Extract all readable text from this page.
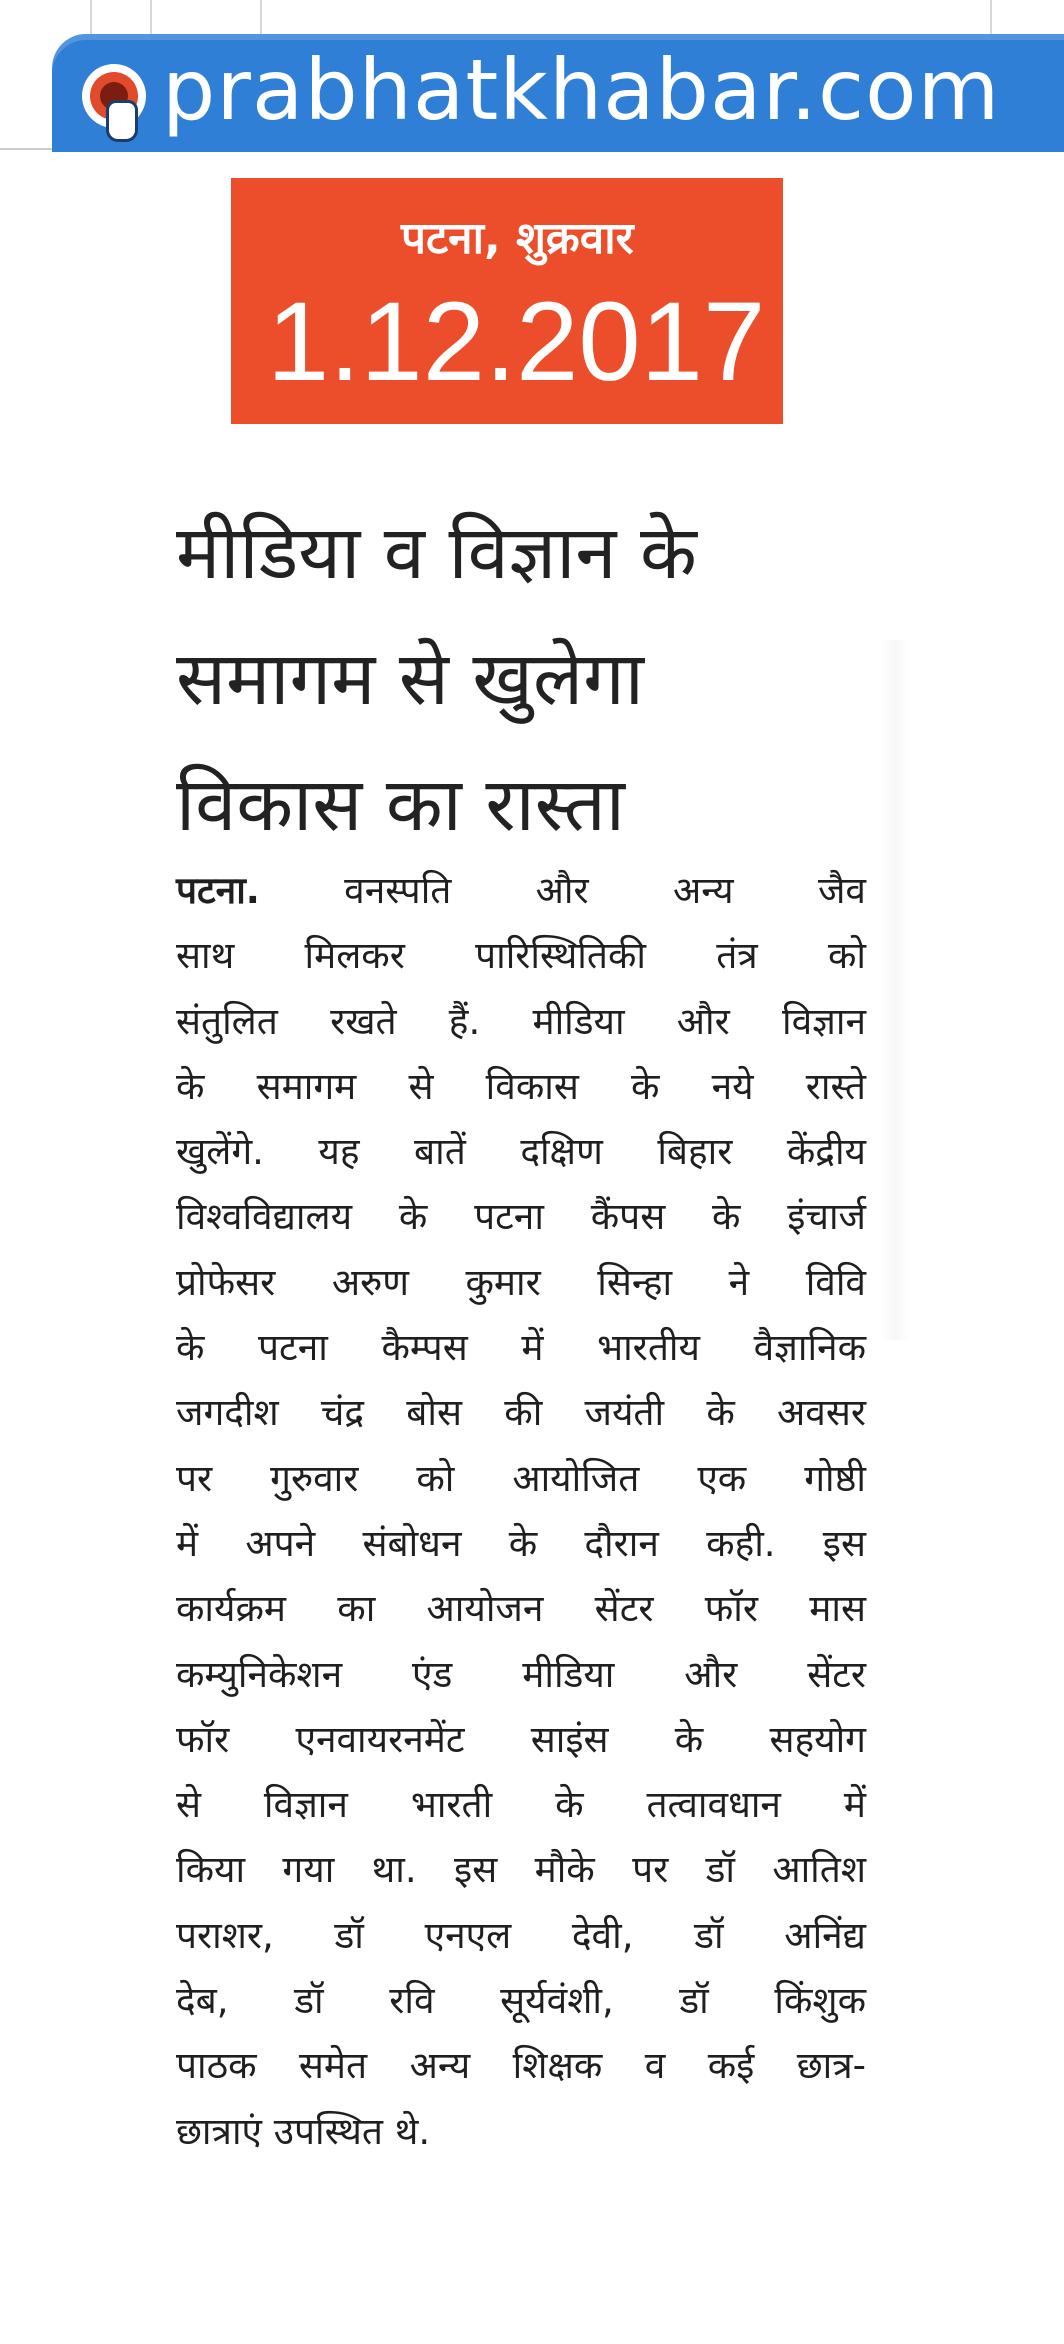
prabhatkhabar.com
पटना, शुक्रवार
1.12.2017
मीडिया व विज्ञान के
समागम से खुलेगा
विकास का रास्ता
पटना. वनस्पति और अन्य जैव
साथ मिलकर पारिस्थितिकी तंत्र को
संतुलित रखते हैं. मीडिया और विज्ञान
के समागम से विकास के नये रास्ते
खुलेंगे. यह बातें दक्षिण बिहार केंद्रीय
विश्वविद्यालय के पटना कैंपस के इंचार्ज
प्रोफेसर अरुण कुमार सिन्हा ने विवि
के पटना कैम्पस में भारतीय वैज्ञानिक
जगदीश चंद्र बोस की जयंती के अवसर
पर गुरुवार को आयोजित एक गोष्ठी
में अपने संबोधन के दौरान कही. इस
कार्यक्रम का आयोजन सेंटर फॉर मास
कम्युनिकेशन एंड मीडिया और सेंटर
फॉर एनवायरनमेंट साइंस के सहयोग
से विज्ञान भारती के तत्वावधान में
किया गया था. इस मौके पर डॉ आतिश
पराशर, डॉ एनएल देवी, डॉ अनिंद्य
देब, डॉ रवि सूर्यवंशी, डॉ किंशुक
पाठक समेत अन्य शिक्षक व कई छात्र-
छात्राएं उपस्थित थे.
